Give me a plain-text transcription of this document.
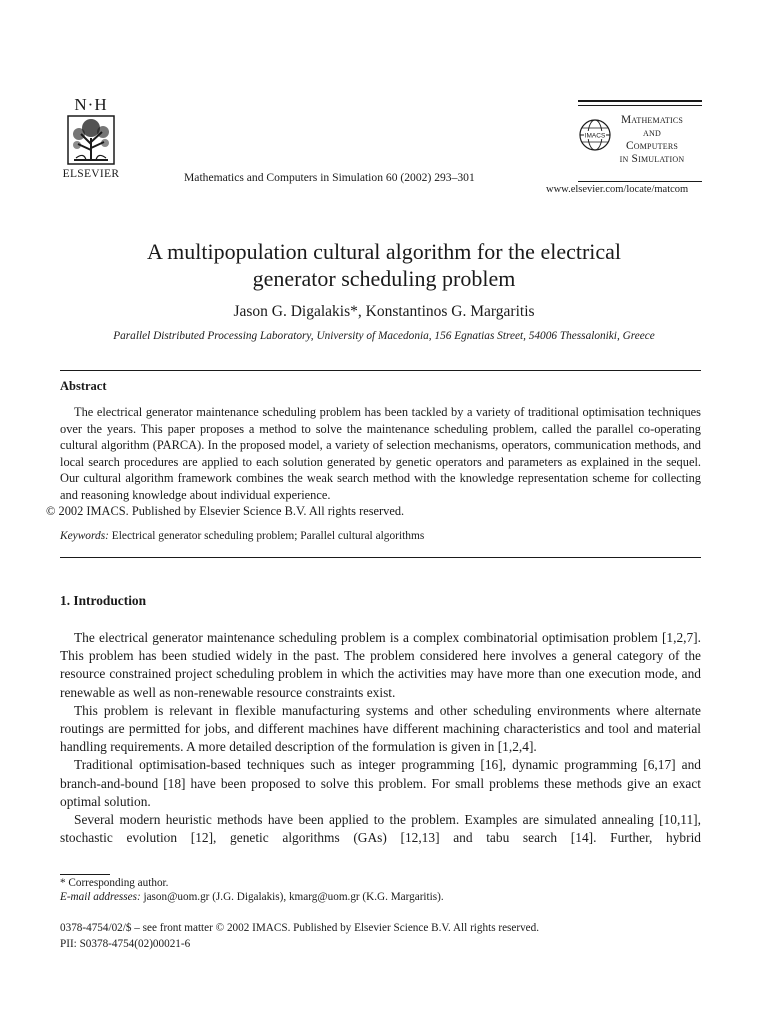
N·H
ELSEVIER	Mathematics and Computers in Simulation 60 (2002) 293–301
IMACS
Mathematics
and
Computers
in Simulation
www.elsevier.com/locate/matcom
A multipopulation cultural algorithm for the electrical
generator scheduling problem
Jason G. Digalakis*, Konstantinos G. Margaritis
Parallel Distributed Processing Laboratory, University of Macedonia, 156 Egnatias Street, 54006 Thessaloniki, Greece
Abstract
The electrical generator maintenance scheduling problem has been tackled by a variety of traditional optimisation techniques over the years. This paper proposes a method to solve the maintenance scheduling problem, called the parallel co-operating cultural algorithm (PARCA). In the proposed model, a variety of selection mechanisms, operators, communication methods, and local search procedures are applied to each solution generated by genetic operators and parameters as explained in the sequel. Our cultural algorithm framework combines the weak search method with the knowledge representation scheme for collecting and reasoning knowledge about individual experience.
© 2002 IMACS. Published by Elsevier Science B.V. All rights reserved.
Keywords: Electrical generator scheduling problem; Parallel cultural algorithms
1. Introduction

The electrical generator maintenance scheduling problem is a complex combinatorial optimisation problem [1,2,7]. This problem has been studied widely in the past. The problem considered here involves a general category of the resource constrained project scheduling problem in which the activities may have more than one execution mode, and renewable as well as non-renewable resource constraints exist.

This problem is relevant in flexible manufacturing systems and other scheduling environments where alternate routings are permitted for jobs, and different machines have different machining characteristics and tool and material handling requirements. A more detailed description of the formulation is given in [1,2,4].

Traditional optimisation-based techniques such as integer programming [16], dynamic programming [6,17] and branch-and-bound [18] have been proposed to solve this problem. For small problems these methods give an exact optimal solution.

Several modern heuristic methods have been applied to the problem. Examples are simulated annealing [10,11], stochastic evolution [12], genetic algorithms (GAs) [12,13] and tabu search [14]. Further, hybrid

* Corresponding author.
E-mail addresses: jason@uom.gr (J.G. Digalakis), kmarg@uom.gr (K.G. Margaritis).
0378-4754/02/$ – see front matter © 2002 IMACS. Published by Elsevier Science B.V. All rights reserved.
PII: S0378-4754(02)00021-6
